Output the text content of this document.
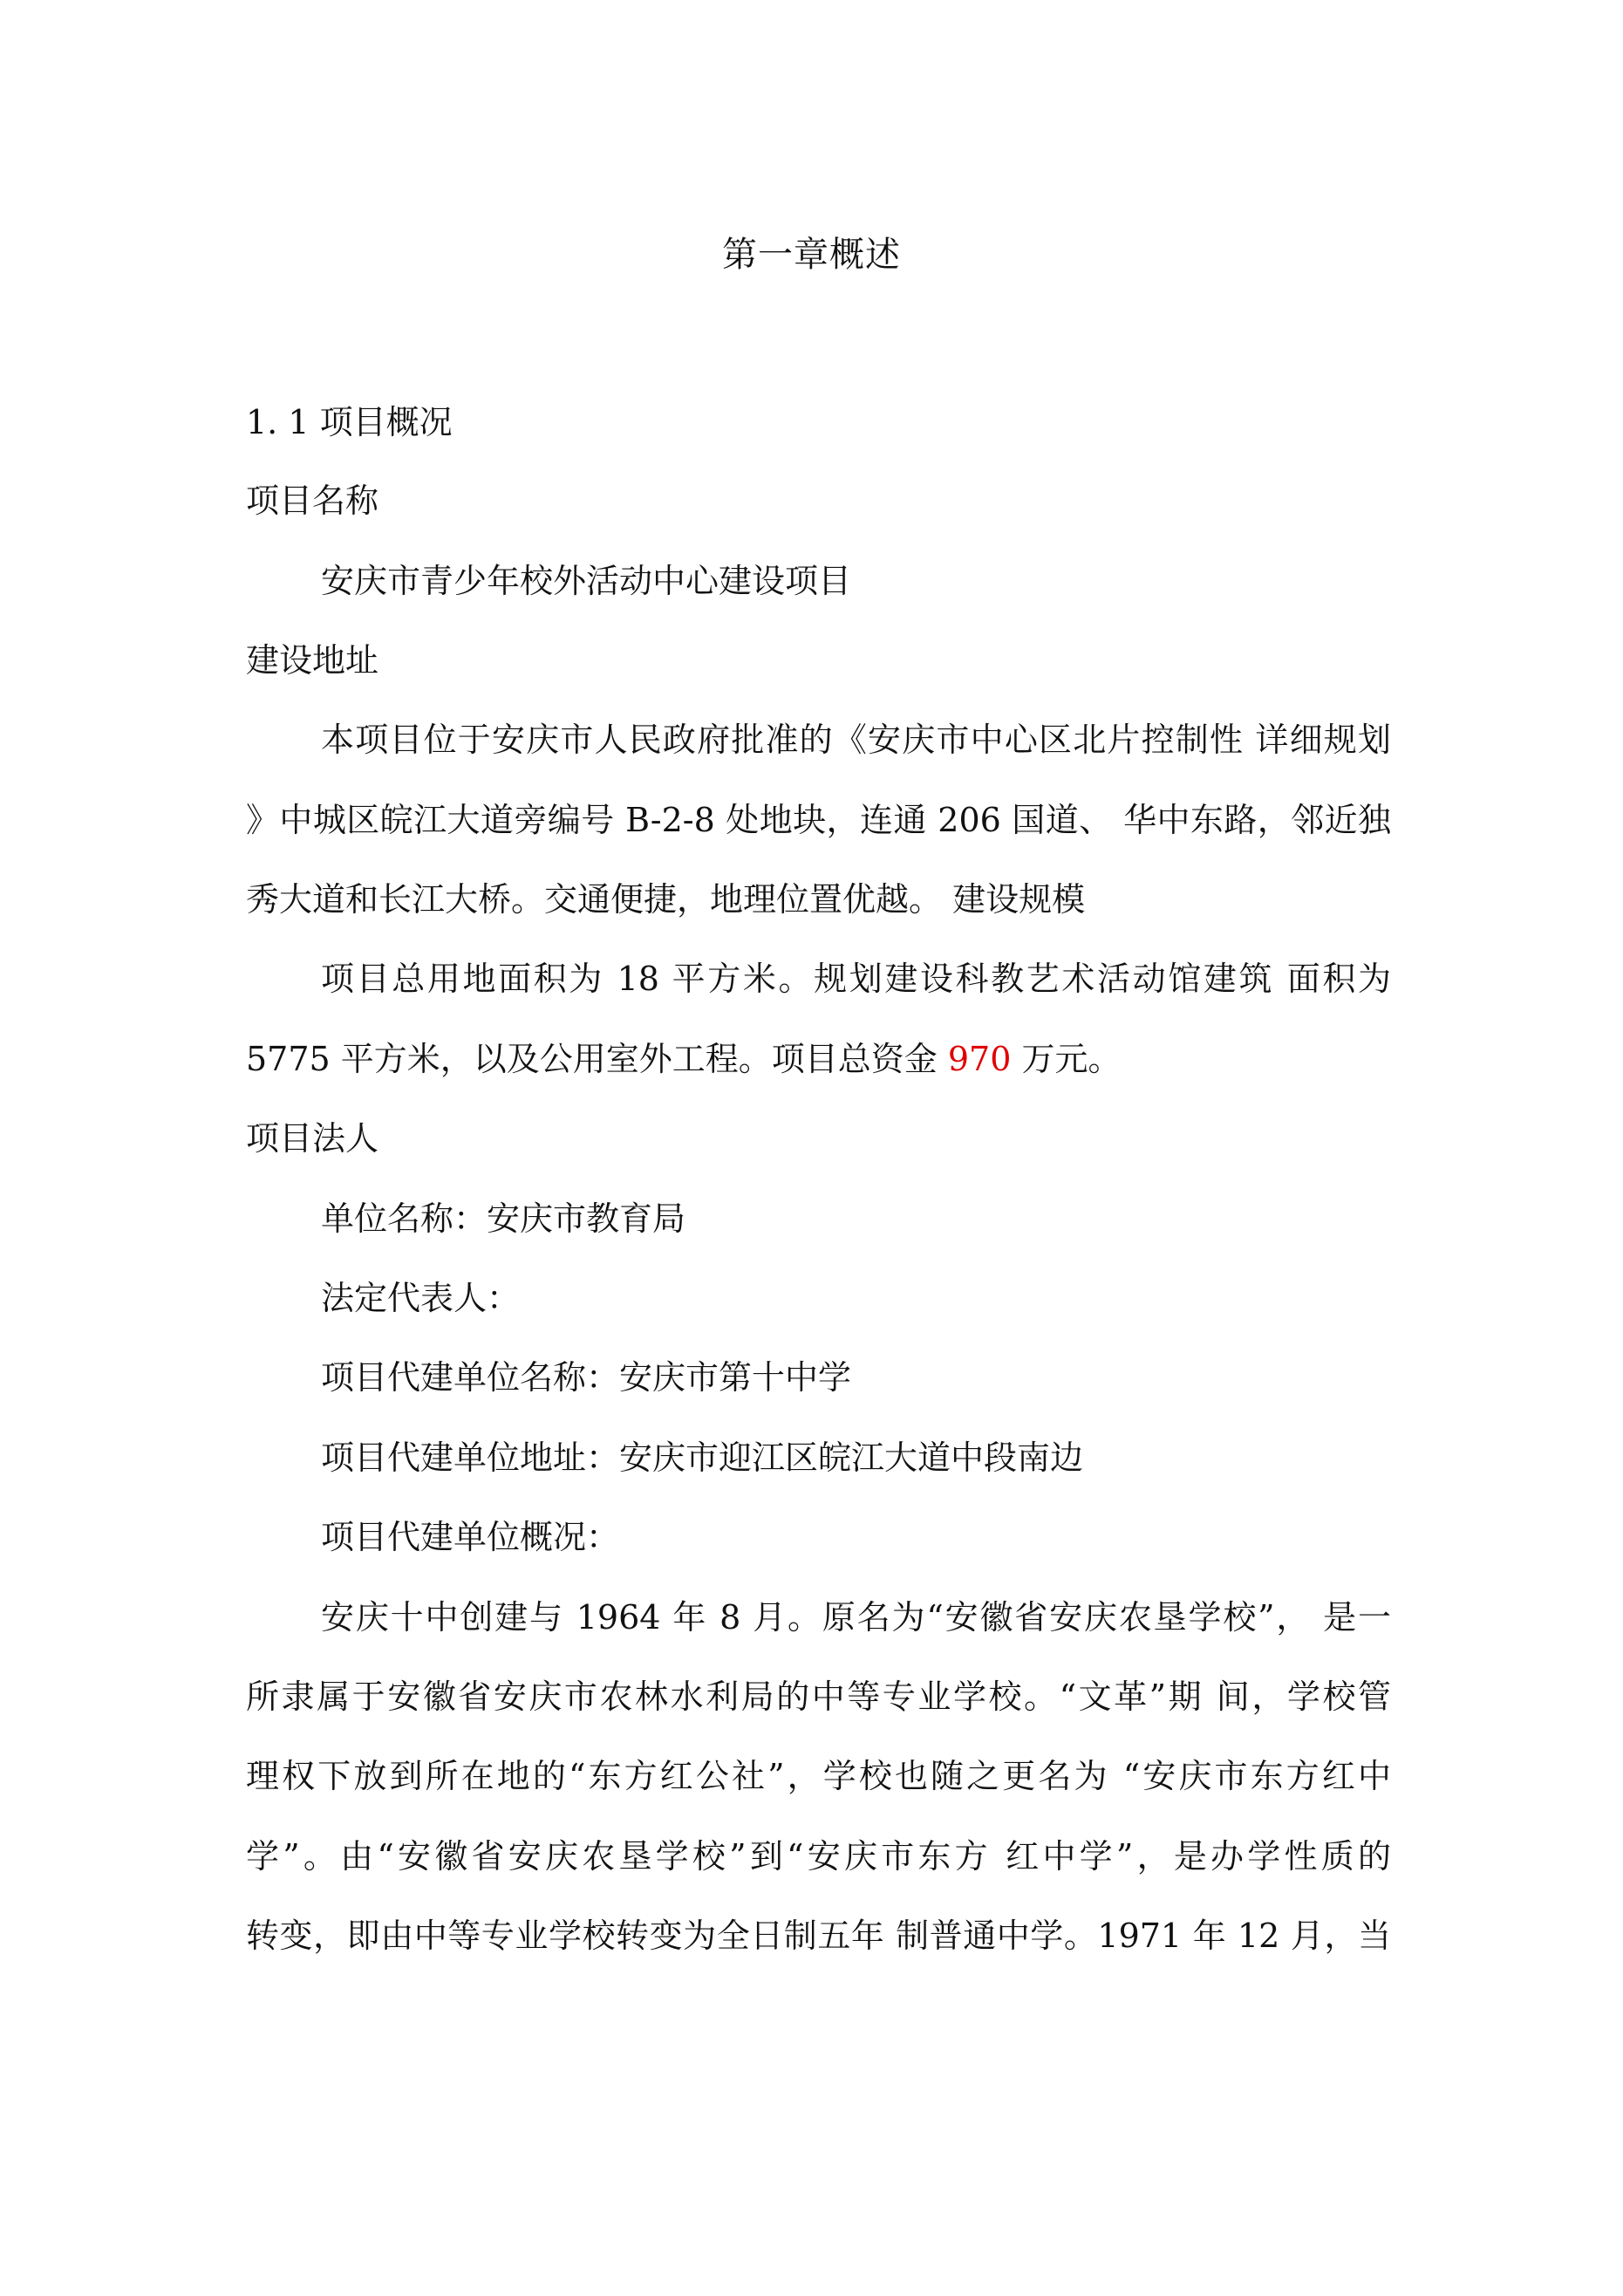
第一章概述
1. 1 项目概况
项目名称
安庆市青少年校外活动中心建设项目
建设地址
本项目位于安庆市人民政府批准的《安庆市中心区北片控制性 详细规划
》中城区皖江大道旁编号 B-2-8 处地块，连通 206 国道、 华中东路，邻近独
秀大道和长江大桥。交通便捷，地理位置优越。 建设规模
项目总用地面积为 18 平方米。规划建设科教艺术活动馆建筑 面积为
5775 平方米，以及公用室外工程。项目总资金 970 万元。
项目法人
单位名称：安庆市教育局
法定代表人：
项目代建单位名称：安庆市第十中学
项目代建单位地址：安庆市迎江区皖江大道中段南边
项目代建单位概况：
安庆十中创建与 1964 年 8 月。原名为“安徽省安庆农垦学校”， 是一
所隶属于安徽省安庆市农林水利局的中等专业学校。“文革”期 间，学校管
理权下放到所在地的“东方红公社”，学校也随之更名为 “安庆市东方红中
学”。由“安徽省安庆农垦学校”到“安庆市东方 红中学”，是办学性质的
转变，即由中等专业学校转变为全日制五年 制普通中学。1971 年 12 月，当
